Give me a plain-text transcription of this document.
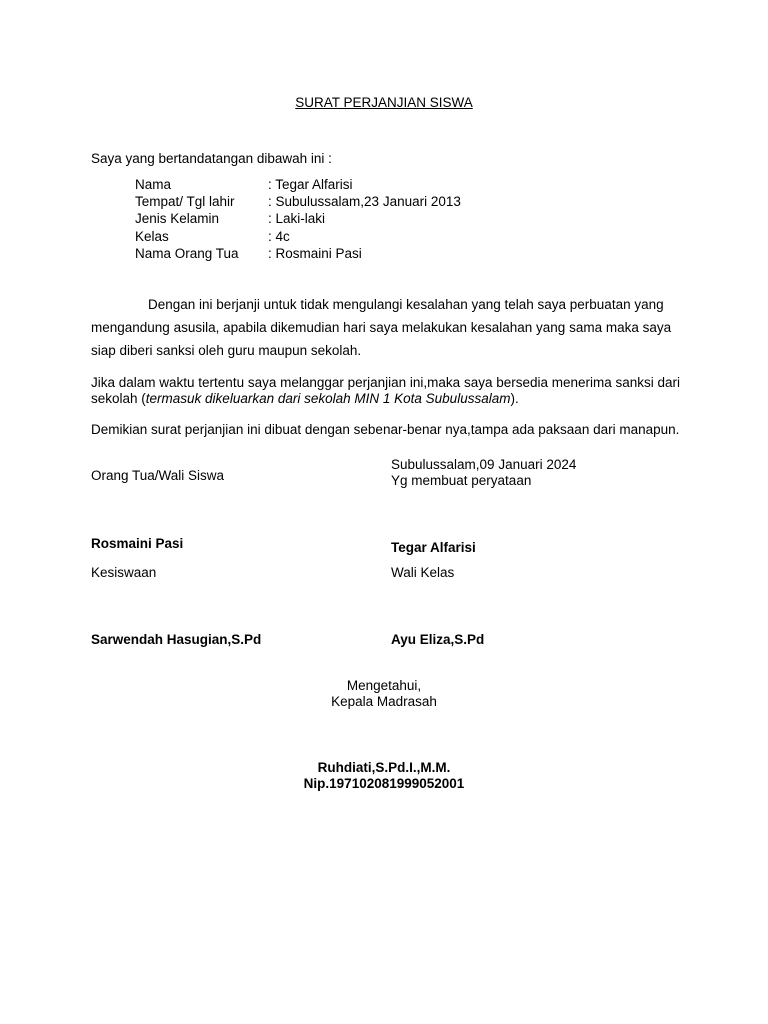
SURAT PERJANJIAN SISWA
Saya yang bertandatangan dibawah ini :
Nama	: Tegar Alfarisi
Tempat/ Tgl lahir : Subulussalam,23 Januari 2013
Jenis Kelamin	: Laki-laki
Kelas	: 4c
Nama Orang Tua : Rosmaini Pasi
Dengan ini berjanji untuk tidak mengulangi kesalahan yang telah saya perbuatan yang
mengandung asusila, apabila dikemudian hari saya melakukan kesalahan yang sama maka saya
siap diberi sanksi oleh guru maupun sekolah.
Jika dalam waktu tertentu saya melanggar perjanjian ini,maka saya bersedia menerima sanksi dari
sekolah (termasuk dikeluarkan dari sekolah MIN 1 Kota Subulussalam).
Demikian surat perjanjian ini dibuat dengan sebenar-benar nya,tampa ada paksaan dari manapun.
Subulussalam,09 Januari 2024
Yg membuat peryataan
Orang Tua/Wali Siswa
Rosmaini Pasi	Tegar Alfarisi
Kesiswaan	Wali Kelas
Sarwendah Hasugian,S.Pd	Ayu Eliza,S.Pd
Mengetahui,
Kepala Madrasah
Ruhdiati,S.Pd.I.,M.M.
Nip.197102081999052001
